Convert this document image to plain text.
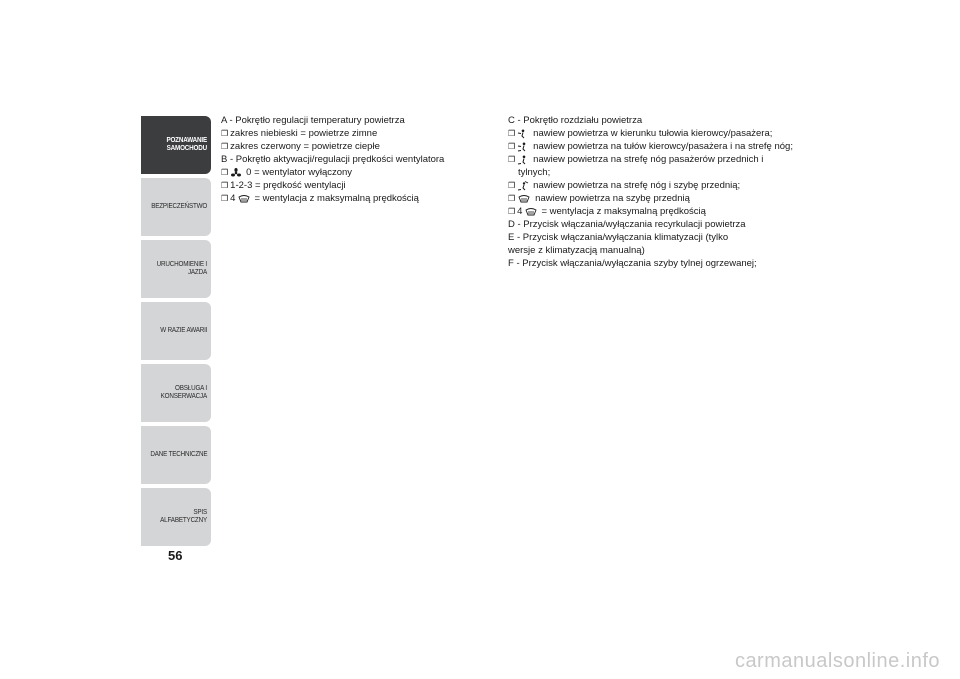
POZNAWANIE SAMOCHODU
BEZPIECZEŃSTWO
URUCHOMIENIE I JAZDA
W RAZIE AWARII
OBSŁUGA I KONSERWACJA
DANE TECHNICZNE
SPIS ALFABETYCZNY
56
A - Pokrętło regulacji temperatury powietrza
❒ zakres niebieski = powietrze zimne
❒ zakres czerwony = powietrze ciepłe
B - Pokrętło aktywacji/regulacji prędkości wentylatora
❒ 0 = wentylator wyłączony
❒ 1-2-3 = prędkość wentylacji
❒ 4 = wentylacja z maksymalną prędkością
C - Pokrętło rozdziału powietrza
❒ nawiew powietrza w kierunku tułowia kierowcy/pasażera;
❒ nawiew powietrza na tułów kierowcy/pasażera i na strefę nóg;
❒ nawiew powietrza na strefę nóg pasażerów przednich i
tylnych;
❒ nawiew powietrza na strefę nóg i szybę przednią;
❒ nawiew powietrza na szybę przednią
❒ 4 = wentylacja z maksymalną prędkością
D - Przycisk włączania/wyłączania recyrkulacji powietrza
E - Przycisk włączania/wyłączania klimatyzacji (tylko wersje z klimatyzacją manualną)
F - Przycisk włączania/wyłączania szyby tylnej ogrzewanej;
carmanualsonline.info
